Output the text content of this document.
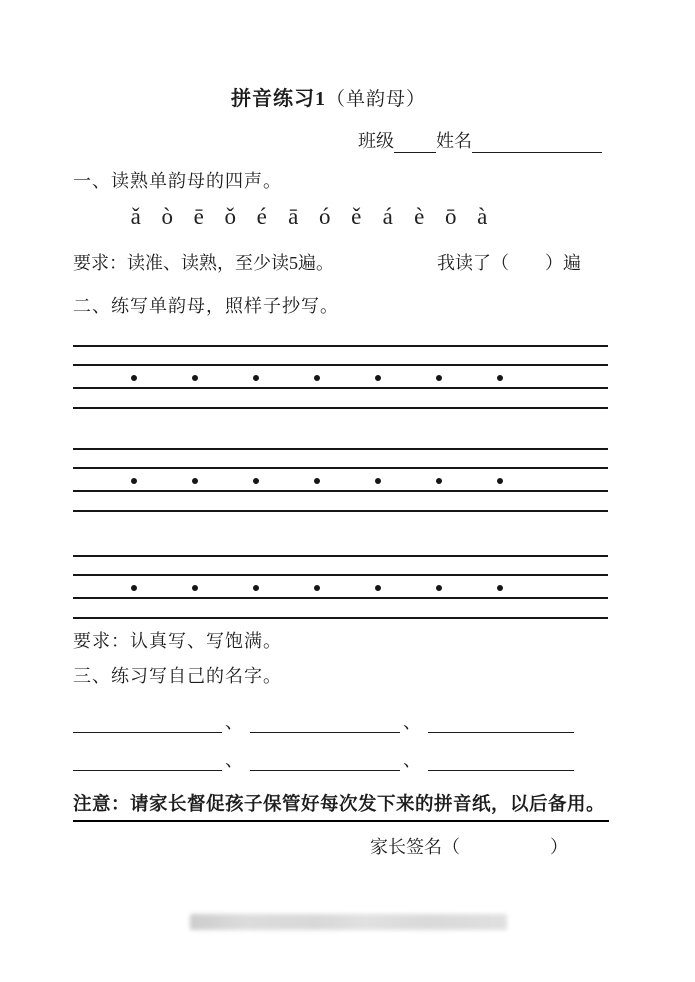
拼音练习1（单韵母）
班级 姓名
一、读熟单韵母的四声。
ǎ ò ē ǒ é ā ó ě á è ō à
要求：读准、读熟，至少读5遍。	我读了（　　）遍
二、练写单韵母，照样子抄写。
要求：认真写、写饱满。
三、练习写自己的名字。
、	、
、	、
注意：请家长督促孩子保管好每次发下来的拼音纸，以后备用。
家长签名（　　　　　）
